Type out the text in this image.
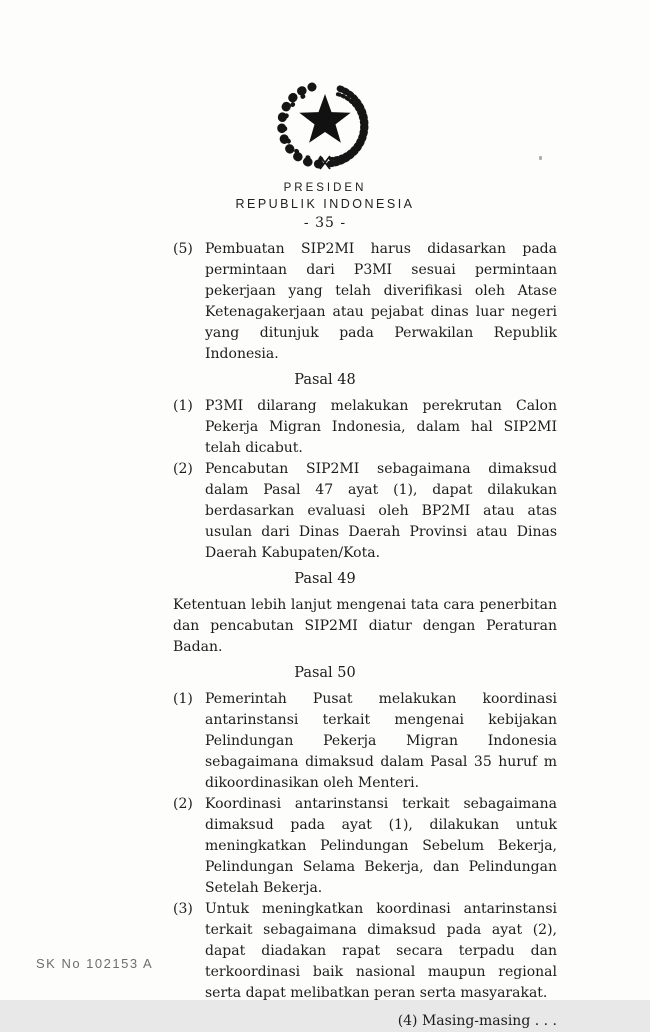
PRESIDEN
REPUBLIK INDONESIA
- 35 -
(5) Pembuatan SIP2MI harus didasarkan pada permintaan dari P3MI sesuai permintaan pekerjaan yang telah diverifikasi oleh Atase Ketenagakerjaan atau pejabat dinas luar negeri yang ditunjuk pada Perwakilan Republik Indonesia.
Pasal 48
(1) P3MI dilarang melakukan perekrutan Calon Pekerja Migran Indonesia, dalam hal SIP2MI telah dicabut.
(2) Pencabutan SIP2MI sebagaimana dimaksud dalam Pasal 47 ayat (1), dapat dilakukan berdasarkan evaluasi oleh BP2MI atau atas usulan dari Dinas Daerah Provinsi atau Dinas Daerah Kabupaten/Kota.
Pasal 49
Ketentuan lebih lanjut mengenai tata cara penerbitan dan pencabutan SIP2MI diatur dengan Peraturan Badan.
Pasal 50
(1) Pemerintah Pusat melakukan koordinasi antarinstansi terkait mengenai kebijakan Pelindungan Pekerja Migran Indonesia sebagaimana dimaksud dalam Pasal 35 huruf m dikoordinasikan oleh Menteri.
(2) Koordinasi antarinstansi terkait sebagaimana dimaksud pada ayat (1), dilakukan untuk meningkatkan Pelindungan Sebelum Bekerja, Pelindungan Selama Bekerja, dan Pelindungan Setelah Bekerja.
(3) Untuk meningkatkan koordinasi antarinstansi terkait sebagaimana dimaksud pada ayat (2), dapat diadakan rapat secara terpadu dan terkoordinasi baik nasional maupun regional serta dapat melibatkan peran serta masyarakat.
(4) Masing-masing . . .
SK No 102153 A
